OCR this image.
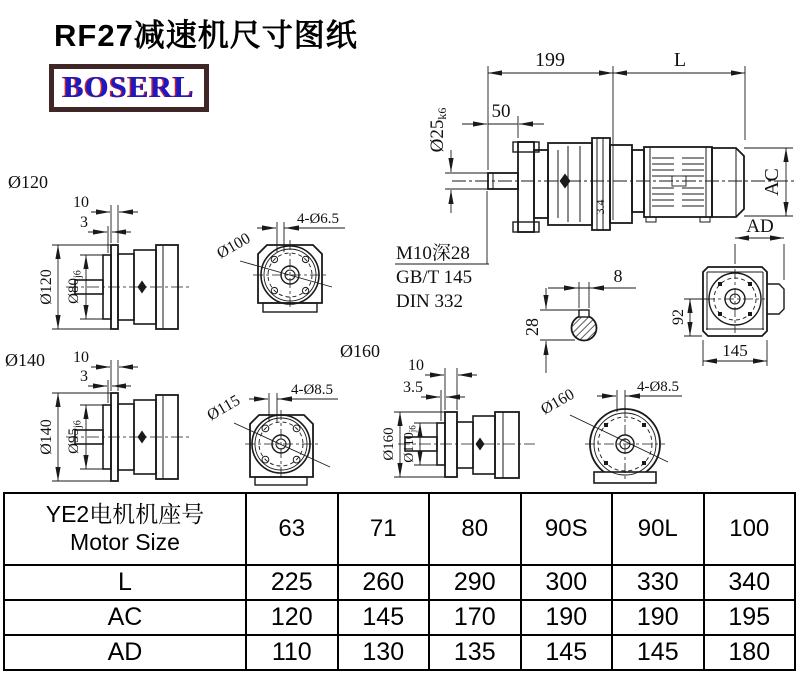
RF27减速机尺寸图纸
BOSERL
199	L
50
Ø25k6
AC
3.4
M10深28
GB/T 145
DIN 332
8
28
AD
92
145
Ø120
10
3
Ø120 Ø80j6
4-Ø6.5
Ø100
Ø140 10
3
Ø140 Ø95j6
4-Ø8.5
Ø115
Ø160
10
3.5
Ø160 Ø110j6
4-Ø8.5
Ø160
YE2电机机座号
Motor Size	63	71	80	90S	90L	100
L	225	260	290	300	330	340
AC	120	145	170	190	190	195
AD	110	130	135	145	145	180
